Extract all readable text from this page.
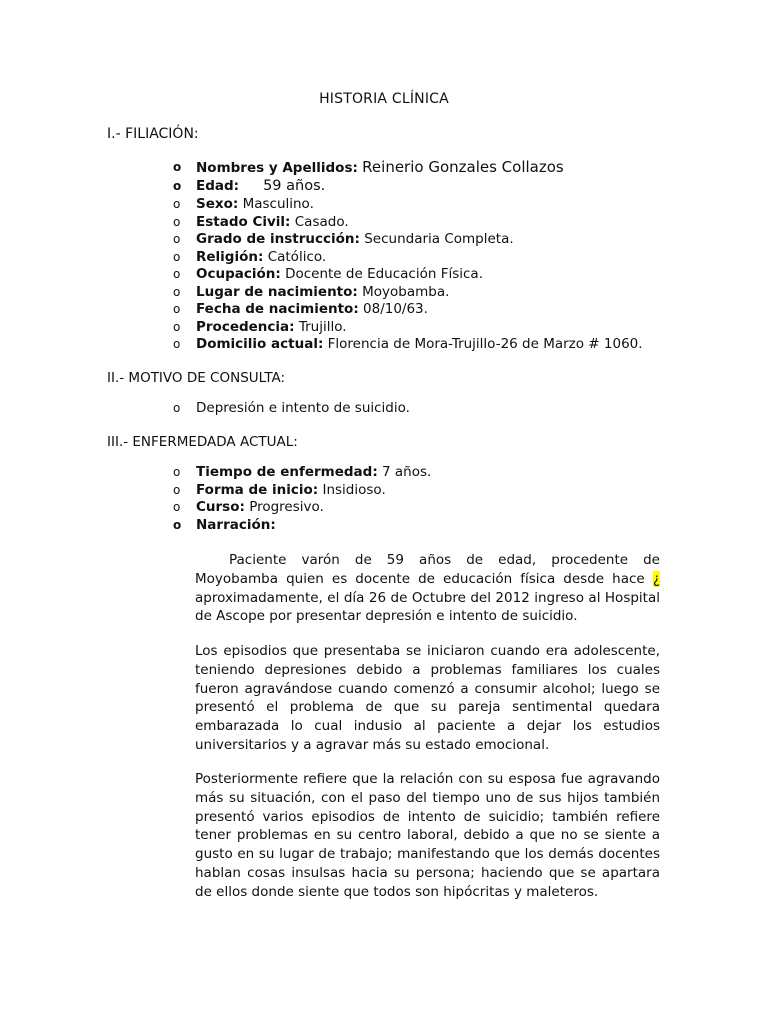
HISTORIA CLÍNICA
I.- FILIACIÓN:
o Nombres y Apellidos: Reinerio Gonzales Collazos
o Edad: 59 años.
o Sexo: Masculino.
o Estado Civil: Casado.
o Grado de instrucción: Secundaria Completa.
o Religión: Católico.
o Ocupación: Docente de Educación Física.
o Lugar de nacimiento: Moyobamba.
o Fecha de nacimiento: 08/10/63.
o Procedencia: Trujillo.
o Domicilio actual: Florencia de Mora-Trujillo-26 de Marzo # 1060.
II.- MOTIVO DE CONSULTA:
o Depresión e intento de suicidio.
III.- ENFERMEDADA ACTUAL:
o Tiempo de enfermedad: 7 años.
o Forma de inicio: Insidioso.
o Curso: Progresivo.
o Narración:

Paciente varón de 59 años de edad, procedente de Moyobamba quien es docente de educación física desde hace ¿ aproximadamente, el día 26 de Octubre del 2012 ingreso al Hospital de Ascope por presentar depresión e intento de suicidio.

Los episodios que presentaba se iniciaron cuando era adolescente, teniendo depresiones debido a problemas familiares los cuales fueron agravándose cuando comenzó a consumir alcohol; luego se presentó el problema de que su pareja sentimental quedara embarazada lo cual indusio al paciente a dejar los estudios universitarios y a agravar más su estado emocional.

Posteriormente refiere que la relación con su esposa fue agravando más su situación, con el paso del tiempo uno de sus hijos también presentó varios episodios de intento de suicidio; también refiere tener problemas en su centro laboral, debido a que no se siente a gusto en su lugar de trabajo; manifestando que los demás docentes hablan cosas insulsas hacia su persona; haciendo que se apartara de ellos donde siente que todos son hipócritas y maleteros.
